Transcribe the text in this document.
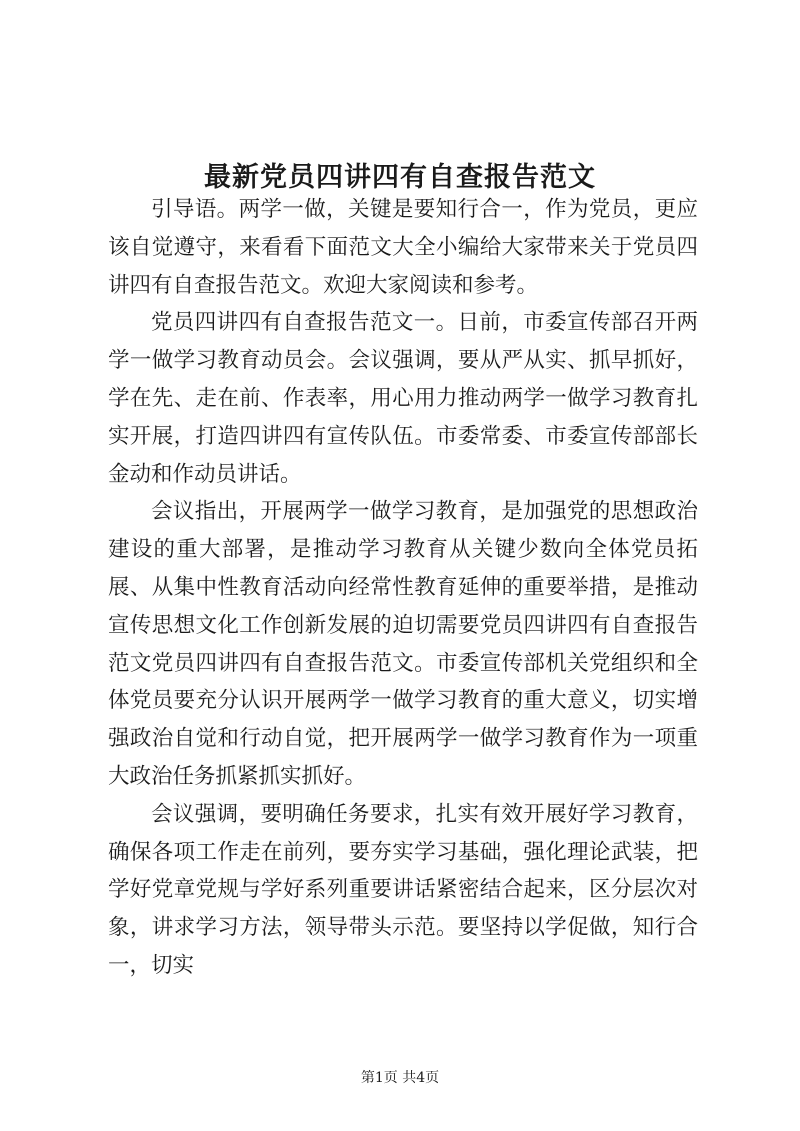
最新党员四讲四有自查报告范文

引导语。两学一做，关键是要知行合一，作为党员，更应该自觉遵守，来看看下面范文大全小编给大家带来关于党员四讲四有自查报告范文。欢迎大家阅读和参考。

党员四讲四有自查报告范文一。日前，市委宣传部召开两学一做学习教育动员会。会议强调，要从严从实、抓早抓好，学在先、走在前、作表率，用心用力推动两学一做学习教育扎实开展，打造四讲四有宣传队伍。市委常委、市委宣传部部长金动和作动员讲话。

会议指出，开展两学一做学习教育，是加强党的思想政治建设的重大部署，是推动学习教育从关键少数向全体党员拓展、从集中性教育活动向经常性教育延伸的重要举措，是推动宣传思想文化工作创新发展的迫切需要党员四讲四有自查报告范文党员四讲四有自查报告范文。市委宣传部机关党组织和全体党员要充分认识开展两学一做学习教育的重大意义，切实增强政治自觉和行动自觉，把开展两学一做学习教育作为一项重大政治任务抓紧抓实抓好。

会议强调，要明确任务要求，扎实有效开展好学习教育，确保各项工作走在前列，要夯实学习基础，强化理论武装，把学好党章党规与学好系列重要讲话紧密结合起来，区分层次对象，讲求学习方法，领导带头示范。要坚持以学促做，知行合一，切实

第1页 共4页
